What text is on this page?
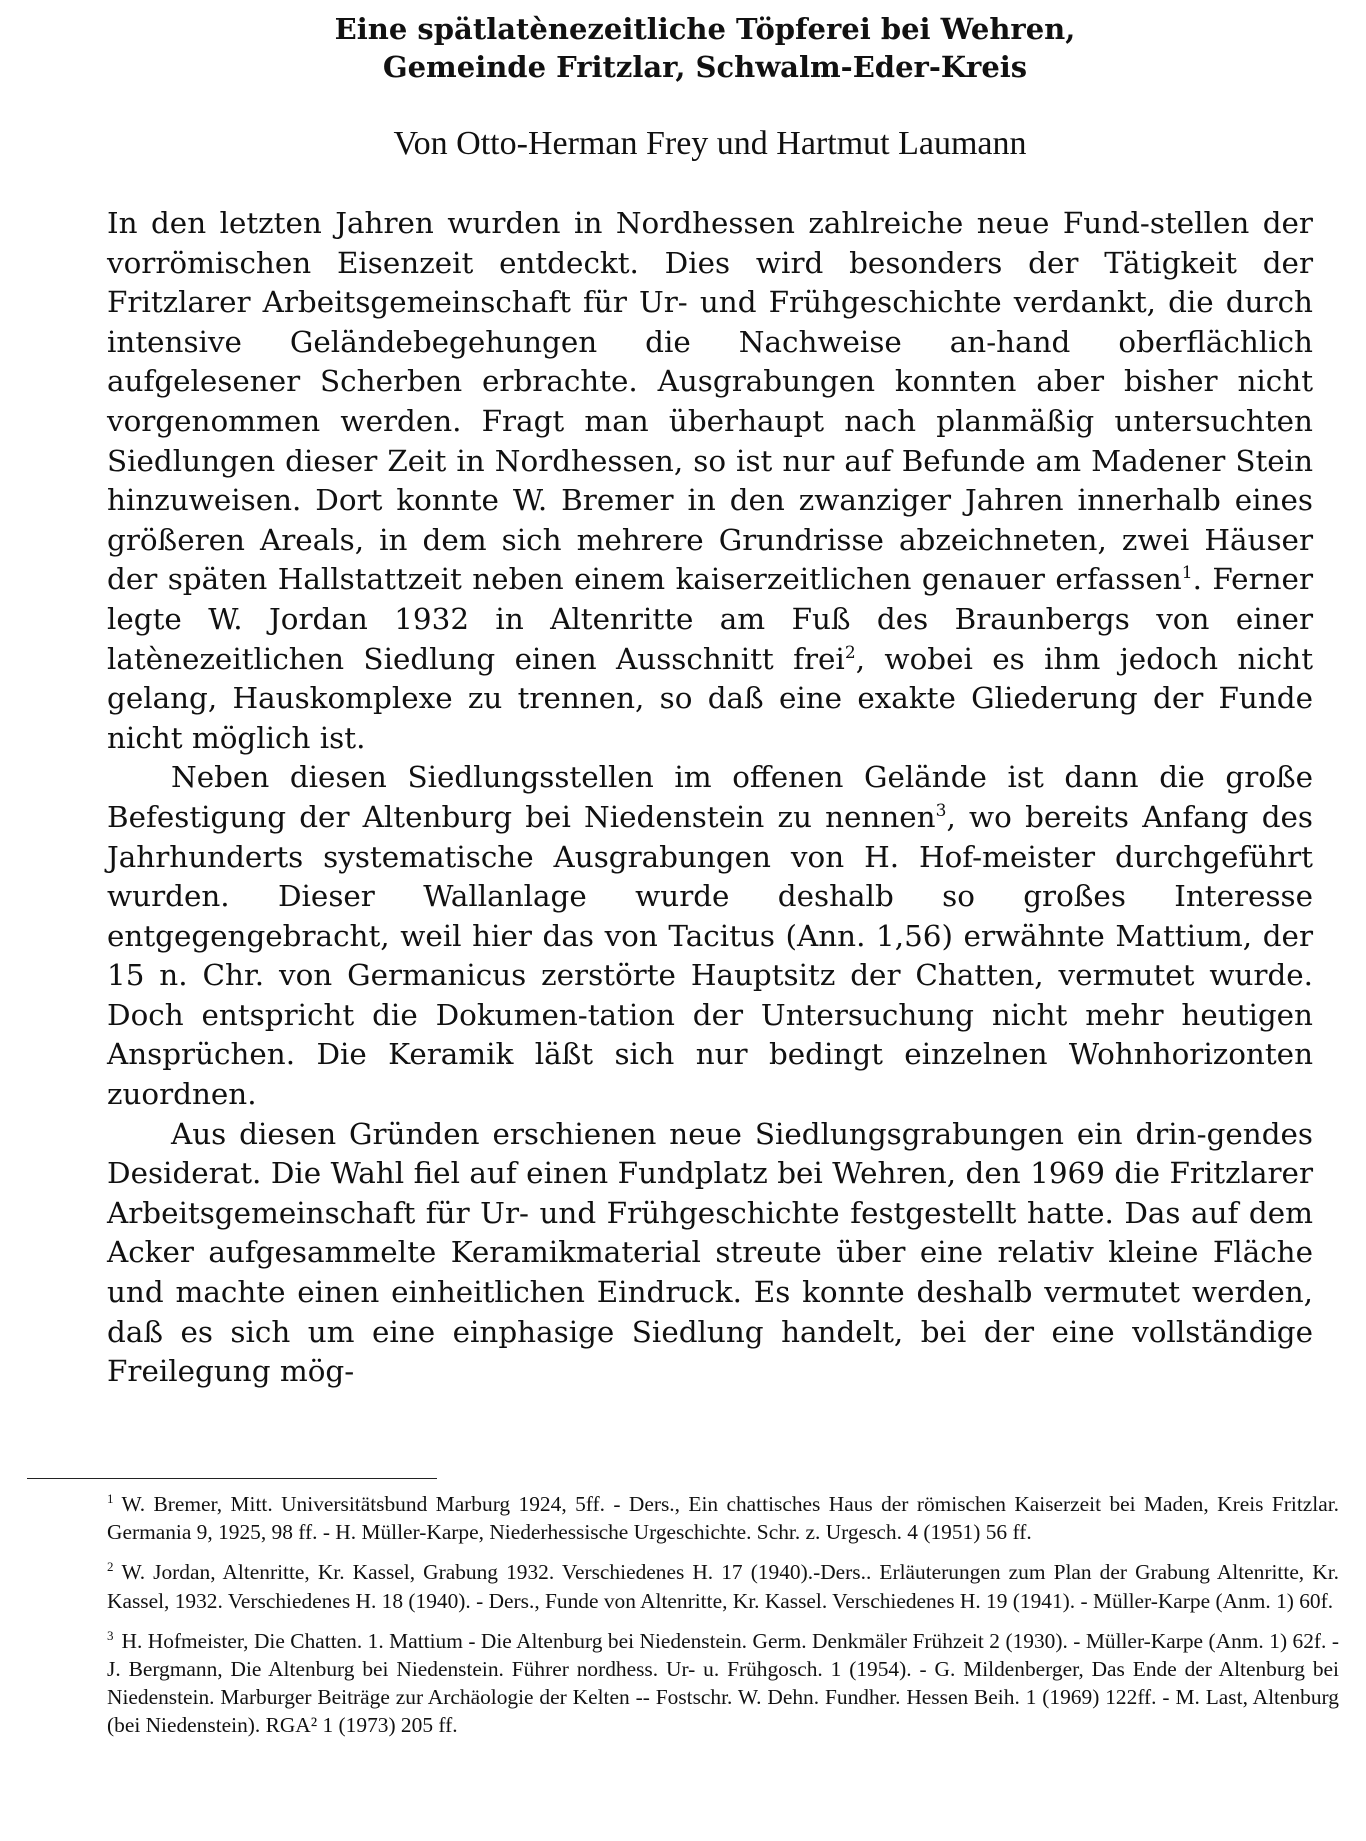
Eine spätlatènezeitliche Töpferei bei Wehren,
Gemeinde Fritzlar, Schwalm-Eder-Kreis
Von Otto-Herman Frey und Hartmut Laumann

In den letzten Jahren wurden in Nordhessen zahlreiche neue Fund-stellen der vorrömischen Eisenzeit entdeckt. Dies wird besonders der Tätigkeit der Fritzlarer Arbeitsgemeinschaft für Ur- und Frühgeschichte verdankt, die durch intensive Geländebegehungen die Nachweise an-hand oberflächlich aufgelesener Scherben erbrachte. Ausgrabungen konnten aber bisher nicht vorgenommen werden. Fragt man überhaupt nach planmäßig untersuchten Siedlungen dieser Zeit in Nordhessen, so ist nur auf Befunde am Madener Stein hinzuweisen. Dort konnte W. Bremer in den zwanziger Jahren innerhalb eines größeren Areals, in dem sich mehrere Grundrisse abzeichneten, zwei Häuser der späten Hallstattzeit neben einem kaiserzeitlichen genauer erfassen$^1$. Ferner legte W. Jordan 1932 in Altenritte am Fuß des Braunbergs von einer latènezeitlichen Siedlung einen Ausschnitt frei$^2$, wobei es ihm jedoch nicht gelang, Hauskomplexe zu trennen, so daß eine exakte Gliederung der Funde nicht möglich ist.

Neben diesen Siedlungsstellen im offenen Gelände ist dann die große Befestigung der Altenburg bei Niedenstein zu nennen$^3$, wo bereits Anfang des Jahrhunderts systematische Ausgrabungen von H. Hof-meister durchgeführt wurden. Dieser Wallanlage wurde deshalb so großes Interesse entgegengebracht, weil hier das von Tacitus (Ann. 1,56) erwähnte Mattium, der 15 n. Chr. von Germanicus zerstörte Hauptsitz der Chatten, vermutet wurde. Doch entspricht die Dokumen-tation der Untersuchung nicht mehr heutigen Ansprüchen. Die Keramik läßt sich nur bedingt einzelnen Wohnhorizonten zuordnen.

Aus diesen Gründen erschienen neue Siedlungsgrabungen ein drin-gendes Desiderat. Die Wahl fiel auf einen Fundplatz bei Wehren, den 1969 die Fritzlarer Arbeitsgemeinschaft für Ur- und Frühgeschichte festgestellt hatte. Das auf dem Acker aufgesammelte Keramikmaterial streute über eine relativ kleine Fläche und machte einen einheitlichen Eindruck. Es konnte deshalb vermutet werden, daß es sich um eine einphasige Siedlung handelt, bei der eine vollständige Freilegung mög-

$^1$ W. Bremer, Mitt. Universitätsbund Marburg 1924, 5ff. - Ders., Ein chattisches Haus der römischen Kaiserzeit bei Maden, Kreis Fritzlar. Germania 9, 1925, 98 ff. - H. Müller-Karpe, Niederhessische Urgeschichte. Schr. z. Urgesch. 4 (1951) 56 ff.
$^2$ W. Jordan, Altenritte, Kr. Kassel, Grabung 1932. Verschiedenes H. 17 (1940).-Ders.. Erläuterungen zum Plan der Grabung Altenritte, Kr. Kassel, 1932. Verschiedenes H. 18 (1940). - Ders., Funde von Altenritte, Kr. Kassel. Verschiedenes H. 19 (1941). - Müller-Karpe (Anm. 1) 60f.
$^3$ H. Hofmeister, Die Chatten. 1. Mattium - Die Altenburg bei Niedenstein. Germ. Denkmäler Frühzeit 2 (1930). - Müller-Karpe (Anm. 1) 62f. - J. Bergmann, Die Altenburg bei Niedenstein. Führer nordhess. Ur- u. Frühgosch. 1 (1954). - G. Mildenberger, Das Ende der Altenburg bei Niedenstein. Marburger Beiträge zur Archäologie der Kelten -- Fostschr. W. Dehn. Fundher. Hessen Beih. 1 (1969) 122ff. - M. Last, Altenburg (bei Niedenstein). RGA² 1 (1973) 205 ff.
